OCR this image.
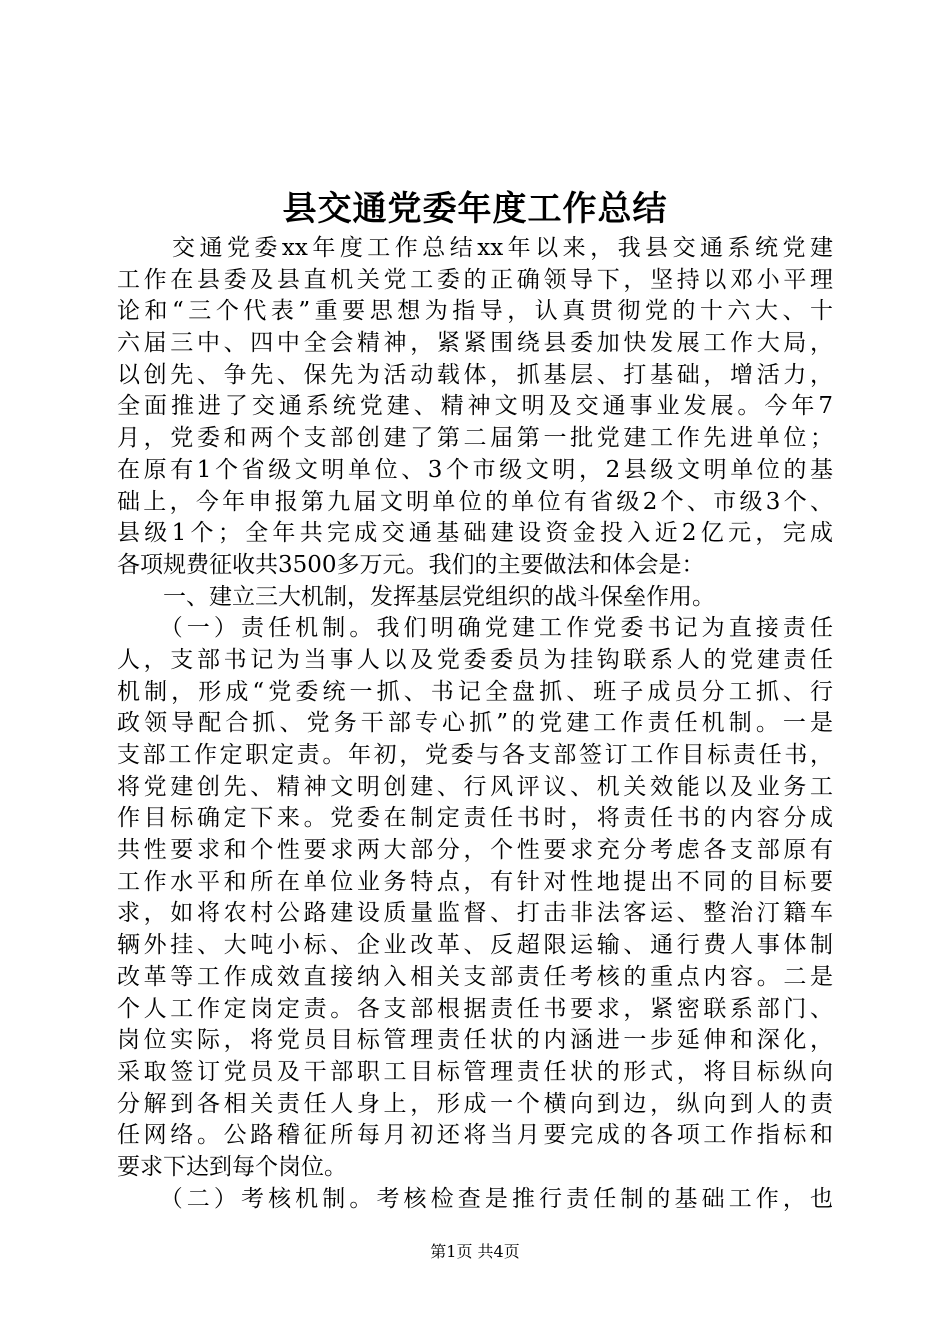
县交通党委年度工作总结
　　交通党委xx年度工作总结xx年以来，我县交通系统党建
工作在县委及县直机关党工委的正确领导下，坚持以邓小平理
论和“三个代表”重要思想为指导，认真贯彻党的十六大、十
六届三中、四中全会精神，紧紧围绕县委加快发展工作大局，
以创先、争先、保先为活动载体，抓基层、打基础，增活力，
全面推进了交通系统党建、精神文明及交通事业发展。今年7
月，党委和两个支部创建了第二届第一批党建工作先进单位；
在原有1个省级文明单位、3个市级文明，2县级文明单位的基
础上，今年申报第九届文明单位的单位有省级2个、市级3个、
县级1个；全年共完成交通基础建设资金投入近2亿元，完成
各项规费征收共3500多万元。我们的主要做法和体会是：
　　一、建立三大机制，发挥基层党组织的战斗保垒作用。
　　（一）责任机制。我们明确党建工作党委书记为直接责任
人，支部书记为当事人以及党委委员为挂钩联系人的党建责任
机制，形成“党委统一抓、书记全盘抓、班子成员分工抓、行
政领导配合抓、党务干部专心抓”的党建工作责任机制。一是
支部工作定职定责。年初，党委与各支部签订工作目标责任书，
将党建创先、精神文明创建、行风评议、机关效能以及业务工
作目标确定下来。党委在制定责任书时，将责任书的内容分成
共性要求和个性要求两大部分，个性要求充分考虑各支部原有
工作水平和所在单位业务特点，有针对性地提出不同的目标要
求，如将农村公路建设质量监督、打击非法客运、整治汀籍车
辆外挂、大吨小标、企业改革、反超限运输、通行费人事体制
改革等工作成效直接纳入相关支部责任考核的重点内容。二是
个人工作定岗定责。各支部根据责任书要求，紧密联系部门、
岗位实际，将党员目标管理责任状的内涵进一步延伸和深化，
采取签订党员及干部职工目标管理责任状的形式，将目标纵向
分解到各相关责任人身上，形成一个横向到边，纵向到人的责
任网络。公路稽征所每月初还将当月要完成的各项工作指标和
要求下达到每个岗位。
　　（二）考核机制。考核检查是推行责任制的基础工作，也
第1页 共4页
